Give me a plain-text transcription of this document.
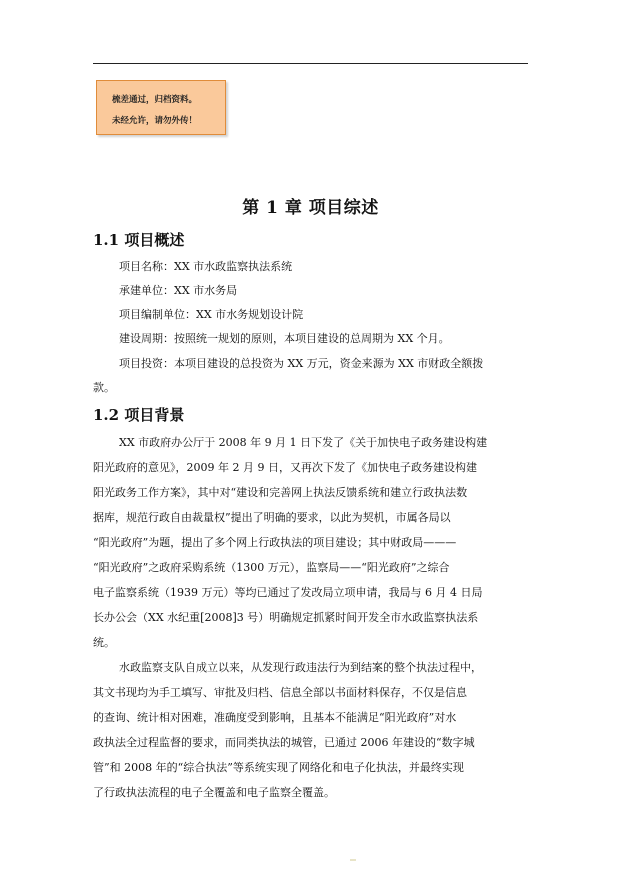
梳差通过，归档资料。
未经允许，请勿外传！
第 1 章 项目综述
1.1 项目概述
项目名称：XX 市水政监察执法系统
承建单位：XX 市水务局
项目编制单位：XX 市水务规划设计院
建设周期：按照统一规划的原则，本项目建设的总周期为 XX 个月。
项目投资：本项目建设的总投资为 XX 万元，资金来源为 XX 市财政全额拨
款。
1.2 项目背景
XX 市政府办公厅于 2008 年 9 月 1 日下发了《关于加快电子政务建设构建
阳光政府的意见》，2009 年 2 月 9 日，又再次下发了《加快电子政务建设构建
阳光政务工作方案》，其中对“建设和完善网上执法反馈系统和建立行政执法数
据库，规范行政自由裁量权”提出了明确的要求，以此为契机，市属各局以
“阳光政府”为题，提出了多个网上行政执法的项目建设；其中财政局———
“阳光政府”之政府采购系统（1300 万元），监察局——“阳光政府”之综合
电子监察系统（1939 万元）等均已通过了发改局立项申请，我局与 6 月 4 日局
长办公会（XX 水纪重[2008]3 号）明确规定抓紧时间开发全市水政监察执法系
统。
水政监察支队自成立以来，从发现行政违法行为到结案的整个执法过程中，
其文书现均为手工填写、审批及归档、信息全部以书面材料保存，不仅是信息
的查询、统计相对困难，准确度受到影响，且基本不能满足“阳光政府”对水
政执法全过程监督的要求，而同类执法的城管，已通过 2006 年建设的“数字城
管”和 2008 年的“综合执法”等系统实现了网络化和电子化执法，并最终实现
了行政执法流程的电子全覆盖和电子监察全覆盖。
